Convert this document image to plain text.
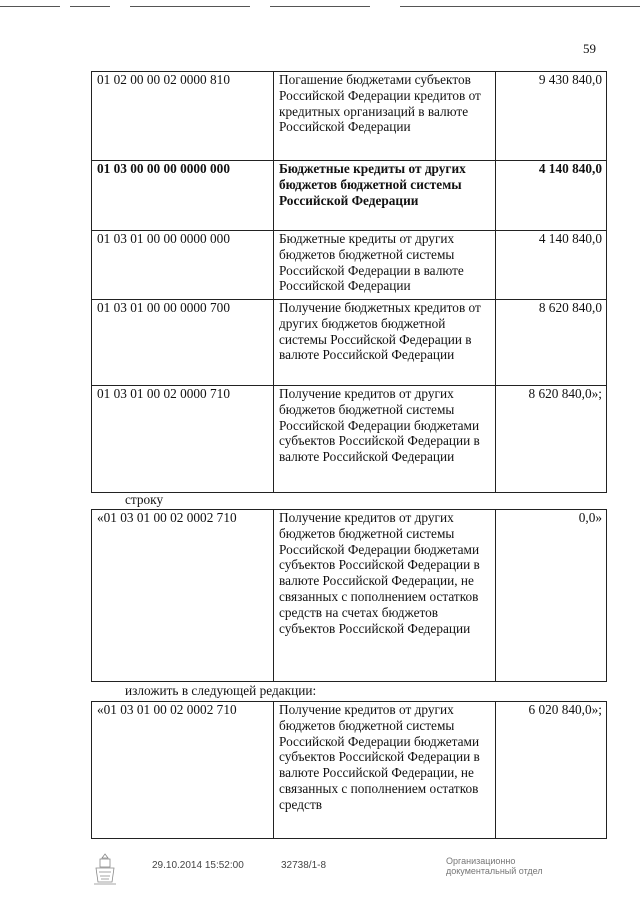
59
01 02 00 00 02 0000 810	Погашение бюджетами субъектов Российской Федерации кредитов от кредитных организаций в валюте Российской Федерации	9 430 840,0
01 03 00 00 00 0000 000	Бюджетные кредиты от других бюджетов бюджетной системы Российской Федерации	4 140 840,0
01 03 01 00 00 0000 000	Бюджетные кредиты от других бюджетов бюджетной системы Российской Федерации в валюте Российской Федерации	4 140 840,0
01 03 01 00 00 0000 700	Получение бюджетных кредитов от других бюджетов бюджетной системы Российской Федерации в валюте Российской Федерации	8 620 840,0
01 03 01 00 02 0000 710	Получение кредитов от других бюджетов бюджетной системы Российской Федерации бюджетами субъектов Российской Федерации в валюте Российской Федерации	8 620 840,0»;
строку
«01 03 01 00 02 0002 710	Получение кредитов от других бюджетов бюджетной системы Российской Федерации бюджетами субъектов Российской Федерации в валюте Российской Федерации, не связанных с пополнением остатков средств на счетах бюджетов субъектов Российской Федерации	0,0»
изложить в следующей редакции:
«01 03 01 00 02 0002 710	Получение кредитов от других бюджетов бюджетной системы Российской Федерации бюджетами субъектов Российской Федерации в валюте Российской Федерации, не связанных с пополнением остатков средств	6 020 840,0»;
29.10.2014 15:52:00	32738/1-8	Организационно
документальный отдел
